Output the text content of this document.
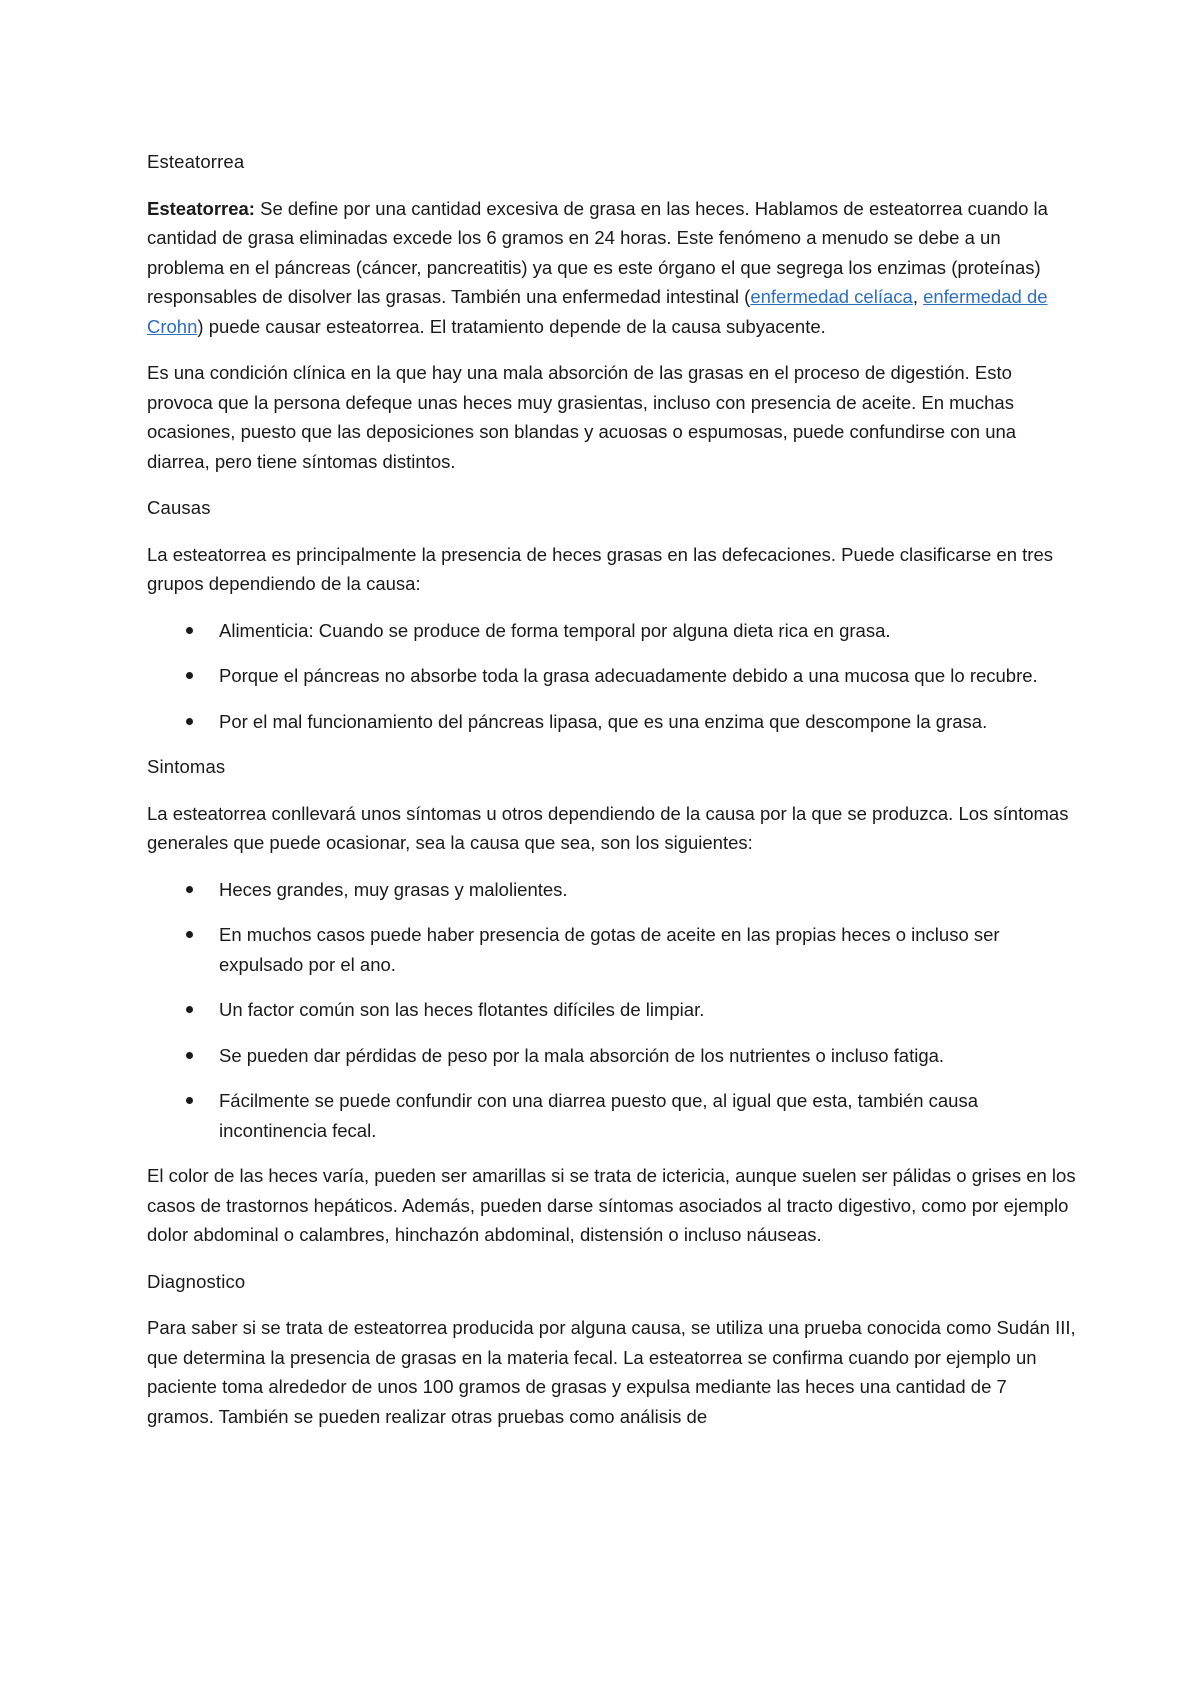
Esteatorrea

Esteatorrea: Se define por una cantidad excesiva de grasa en las heces. Hablamos de esteatorrea cuando la cantidad de grasa eliminadas excede los 6 gramos en 24 horas. Este fenómeno a menudo se debe a un problema en el páncreas (cáncer, pancreatitis) ya que es este órgano el que segrega los enzimas (proteínas) responsables de disolver las grasas. También una enfermedad intestinal (enfermedad celíaca, enfermedad de Crohn) puede causar esteatorrea. El tratamiento depende de la causa subyacente.

Es una condición clínica en la que hay una mala absorción de las grasas en el proceso de digestión. Esto provoca que la persona defeque unas heces muy grasientas, incluso con presencia de aceite. En muchas ocasiones, puesto que las deposiciones son blandas y acuosas o espumosas, puede confundirse con una diarrea, pero tiene síntomas distintos.

Causas

La esteatorrea es principalmente la presencia de heces grasas en las defecaciones. Puede clasificarse en tres grupos dependiendo de la causa:

Alimenticia: Cuando se produce de forma temporal por alguna dieta rica en grasa.
Porque el páncreas no absorbe toda la grasa adecuadamente debido a una mucosa que lo recubre.
Por el mal funcionamiento del páncreas lipasa, que es una enzima que descompone la grasa.
Sintomas

La esteatorrea conllevará unos síntomas u otros dependiendo de la causa por la que se produzca. Los síntomas generales que puede ocasionar, sea la causa que sea, son los siguientes:

Heces grandes, muy grasas y malolientes.
En muchos casos puede haber presencia de gotas de aceite en las propias heces o incluso ser expulsado por el ano.
Un factor común son las heces flotantes difíciles de limpiar.
Se pueden dar pérdidas de peso por la mala absorción de los nutrientes o incluso fatiga.
Fácilmente se puede confundir con una diarrea puesto que, al igual que esta, también causa incontinencia fecal.

El color de las heces varía, pueden ser amarillas si se trata de ictericia, aunque suelen ser pálidas o grises en los casos de trastornos hepáticos. Además, pueden darse síntomas asociados al tracto digestivo, como por ejemplo dolor abdominal o calambres, hinchazón abdominal, distensión o incluso náuseas.

Diagnostico

Para saber si se trata de esteatorrea producida por alguna causa, se utiliza una prueba conocida como Sudán III, que determina la presencia de grasas en la materia fecal. La esteatorrea se confirma cuando por ejemplo un paciente toma alrededor de unos 100 gramos de grasas y expulsa mediante las heces una cantidad de 7 gramos. También se pueden realizar otras pruebas como análisis de
